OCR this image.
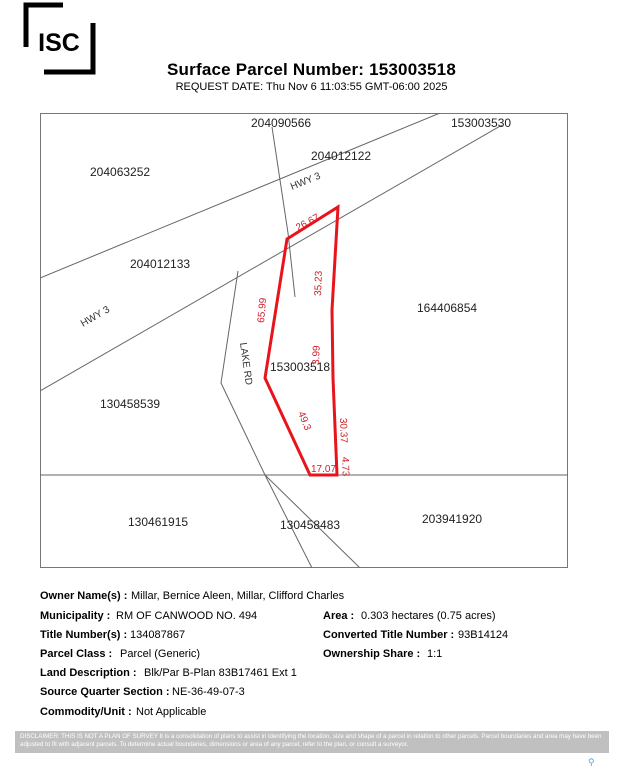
ISC
Surface Parcel Number: 153003518
REQUEST DATE: Thu Nov 6 11:03:55 GMT-06:00 2025
204090566	153003530
204012122
204063252
204012133
164406854
153003518
130458539
130461915	130458483	203941920
HWY 3
HWY 3
LAKE RD
26.67
35.23
65.99
3.99
49.3 30.37
4.73
17.07
Owner Name(s) : Millar, Bernice Aleen, Millar, Clifford Charles
Municipality : RM OF CANWOOD NO. 494	Area : 0.303 hectares (0.75 acres)
Title Number(s) : 134087867	Converted Title Number : 93B14124
Parcel Class : Parcel (Generic)	Ownership Share : 1:1
Land Description : Blk/Par B-Plan 83B17461 Ext 1
Source Quarter Section : NE-36-49-07-3
Commodity/Unit : Not Applicable
DISCLAIMER: THIS IS NOT A PLAN OF SURVEY It is a consolidation of plans to assist in identifying the location, size and shape of a parcel in relation to other parcels. Parcel boundaries and area may have been adjusted to fit with adjacent parcels. To determine actual boundaries, dimensions or area of any parcel, refer to the plan, or consult a surveyor.
⚲
